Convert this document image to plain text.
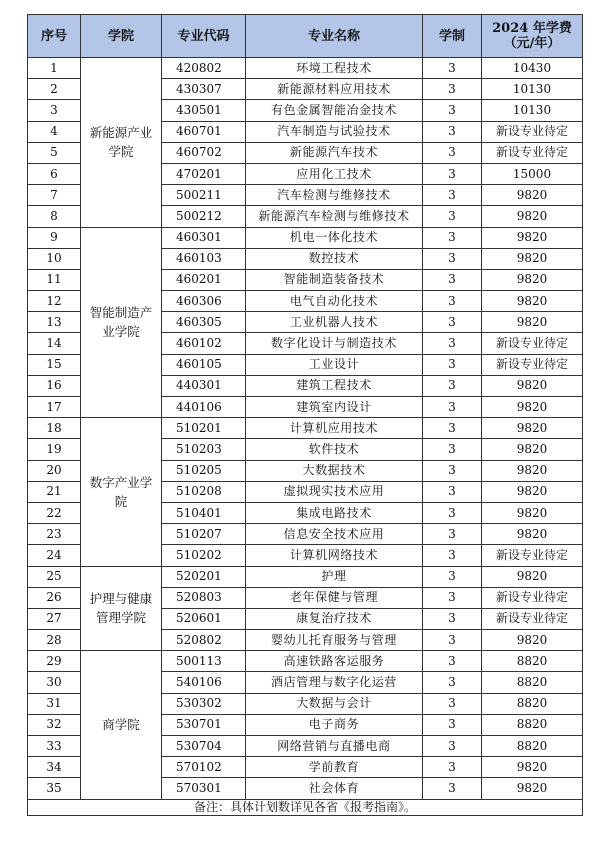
序号	学院	专业代码	专业名称	学制	2024 年学费（元/年）
1	新能源产业学院	420802	环境工程技术	3	10430
2		430307	新能源材料应用技术	3	10130
3		430501	有色金属智能冶金技术	3	10130
4		460701	汽车制造与试验技术	3	新设专业待定
5		460702	新能源汽车技术	3	新设专业待定
6		470201	应用化工技术	3	15000
7		500211	汽车检测与维修技术	3	9820
8		500212	新能源汽车检测与维修技术	3	9820
9	智能制造产业学院	460301	机电一体化技术	3	9820
10		460103	数控技术	3	9820
11		460201	智能制造装备技术	3	9820
12		460306	电气自动化技术	3	9820
13		460305	工业机器人技术	3	9820
14		460102	数字化设计与制造技术	3	新设专业待定
15		460105	工业设计	3	新设专业待定
16		440301	建筑工程技术	3	9820
17		440106	建筑室内设计	3	9820
18	数字产业学院	510201	计算机应用技术	3	9820
19		510203	软件技术	3	9820
20		510205	大数据技术	3	9820
21		510208	虚拟现实技术应用	3	9820
22		510401	集成电路技术	3	9820
23		510207	信息安全技术应用	3	9820
24		510202	计算机网络技术	3	新设专业待定
25	护理与健康管理学院	520201	护理	3	9820
26		520803	老年保健与管理	3	新设专业待定
27		520601	康复治疗技术	3	新设专业待定
28		520802	婴幼儿托育服务与管理	3	9820
29	商学院	500113	高速铁路客运服务	3	8820
30		540106	酒店管理与数字化运营	3	8820
31		530302	大数据与会计	3	8820
32		530701	电子商务	3	8820
33		530704	网络营销与直播电商	3	8820
34		570102	学前教育	3	9820
35		570301	社会体育	3	9820
备注：具体计划数详见各省《报考指南》。					
